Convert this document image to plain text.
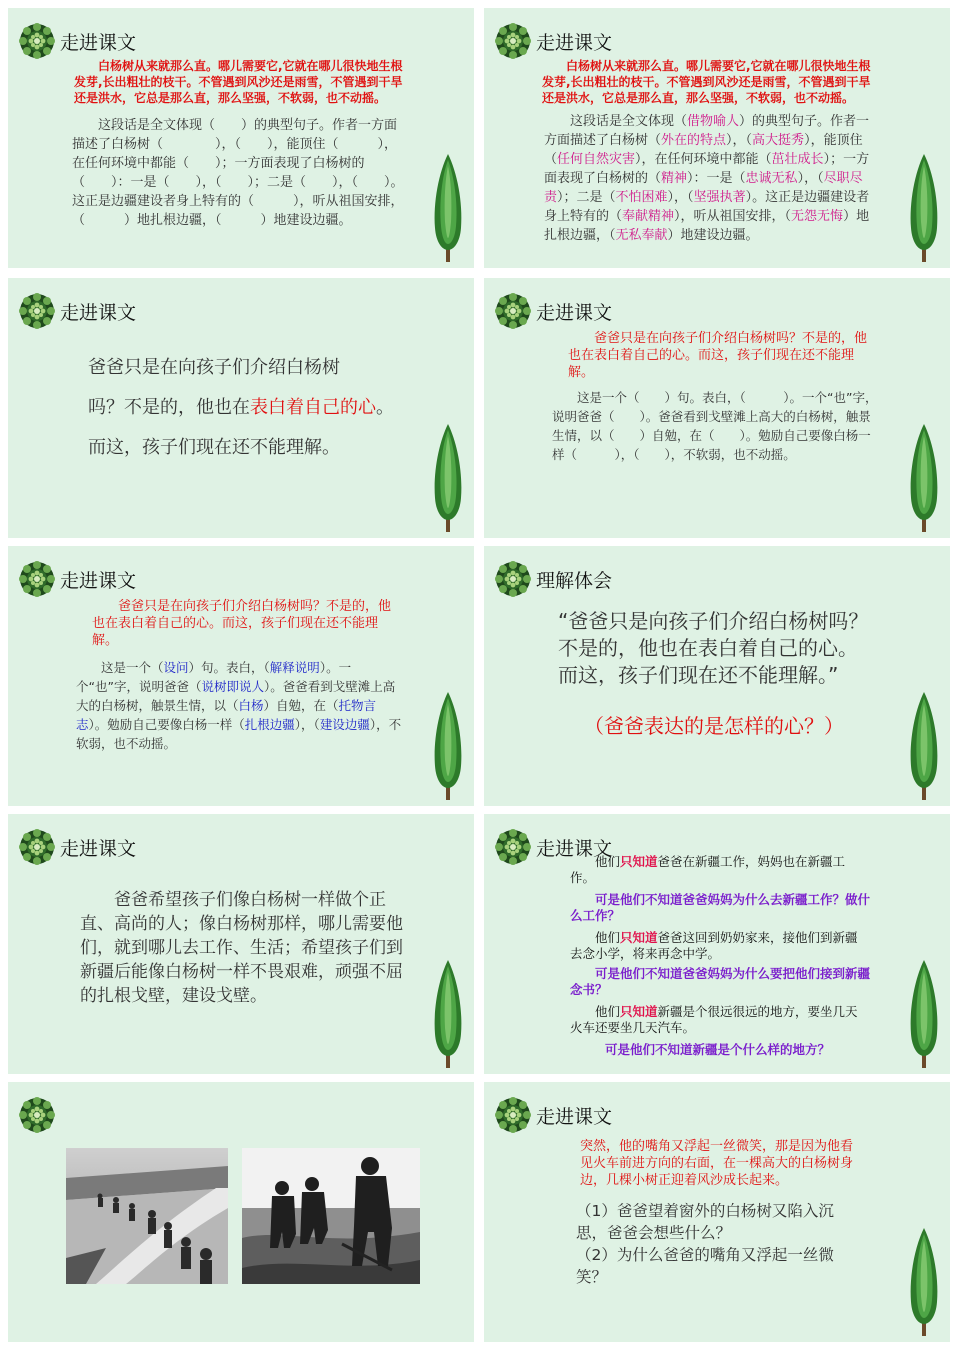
走进课文
白杨树从来就那么直。哪儿需要它,它就在哪儿很快地生根发芽,长出粗壮的枝干。不管遇到风沙还是雨雪，不管遇到干旱还是洪水，它总是那么直，那么坚强，不软弱，也不动摇。
这段话是全文体现（　　）的典型句子。作者一方面描述了白杨树（　　　　），（　　），能顶住（　　　），在任何环境中都能（　　）；一方面表现了白杨树的（　　）：一是（　　），（　　）；二是（　　），（　　）。这正是边疆建设者身上特有的（　　　），听从祖国安排，（　　　）地扎根边疆，（　　　）地建设边疆。
走进课文
白杨树从来就那么直。哪儿需要它,它就在哪儿很快地生根发芽,长出粗壮的枝干。不管遇到风沙还是雨雪，不管遇到干旱还是洪水，它总是那么直，那么坚强，不软弱，也不动摇。
这段话是全文体现（借物喻人）的典型句子。作者一方面描述了白杨树（外在的特点），（高大挺秀），能顶住（任何自然灾害），在任何环境中都能（茁壮成长）；一方面表现了白杨树的（精神）：一是（忠诚无私），（尽职尽责）；二是（不怕困难），（坚强执著）。这正是边疆建设者身上特有的（奉献精神），听从祖国安排，（无怨无悔）地扎根边疆，（无私奉献）地建设边疆。
走进课文
爸爸只是在向孩子们介绍白杨树
吗？不是的，他也在表白着自己的心。
而这，孩子们现在还不能理解。
走进课文
爸爸只是在向孩子们介绍白杨树吗？不是的，他也在表白着自己的心。而这，孩子们现在还不能理解。
这是一个（　　）句。表白，（　　　）。一个“也”字，说明爸爸（　　）。爸爸看到戈壁滩上高大的白杨树，触景生情，以（　　）自勉，在（　　）。勉励自己要像白杨一样（　　　），（　　），不软弱，也不动摇。
走进课文
爸爸只是在向孩子们介绍白杨树吗？不是的，他也在表白着自己的心。而这，孩子们现在还不能理解。
这是一个（设问）句。表白，（解释说明）。一个“也”字，说明爸爸（说树即说人）。爸爸看到戈壁滩上高大的白杨树，触景生情，以（白杨）自勉，在（托物言志）。勉励自己要像白杨一样（扎根边疆），（建设边疆），不软弱，也不动摇。
理解体会
“爸爸只是向孩子们介绍白杨树吗？不是的，他也在表白着自己的心。而这，孩子们现在还不能理解。”
（爸爸表达的是怎样的心？）
走进课文
爸爸希望孩子们像白杨树一样做个正直、高尚的人；像白杨树那样，哪儿需要他们，就到哪儿去工作、生活；希望孩子们到新疆后能像白杨树一样不畏艰难，顽强不屈的扎根戈壁，建设戈壁。
走进课文
他们只知道爸爸在新疆工作，妈妈也在新疆工作。
可是他们不知道爸爸妈妈为什么去新疆工作？做什么工作？
他们只知道爸爸这回到奶奶家来，接他们到新疆去念小学，将来再念中学。
可是他们不知道爸爸妈妈为什么要把他们接到新疆念书？
他们只知道新疆是个很远很远的地方，要坐几天火车还要坐几天汽车。
可是他们不知道新疆是个什么样的地方？
走进课文
突然，他的嘴角又浮起一丝微笑，那是因为他看见火车前进方向的右面，在一棵高大的白杨树身边，几棵小树正迎着风沙成长起来。
（1）爸爸望着窗外的白杨树又陷入沉思，爸爸会想些什么？
（2）为什么爸爸的嘴角又浮起一丝微笑？
